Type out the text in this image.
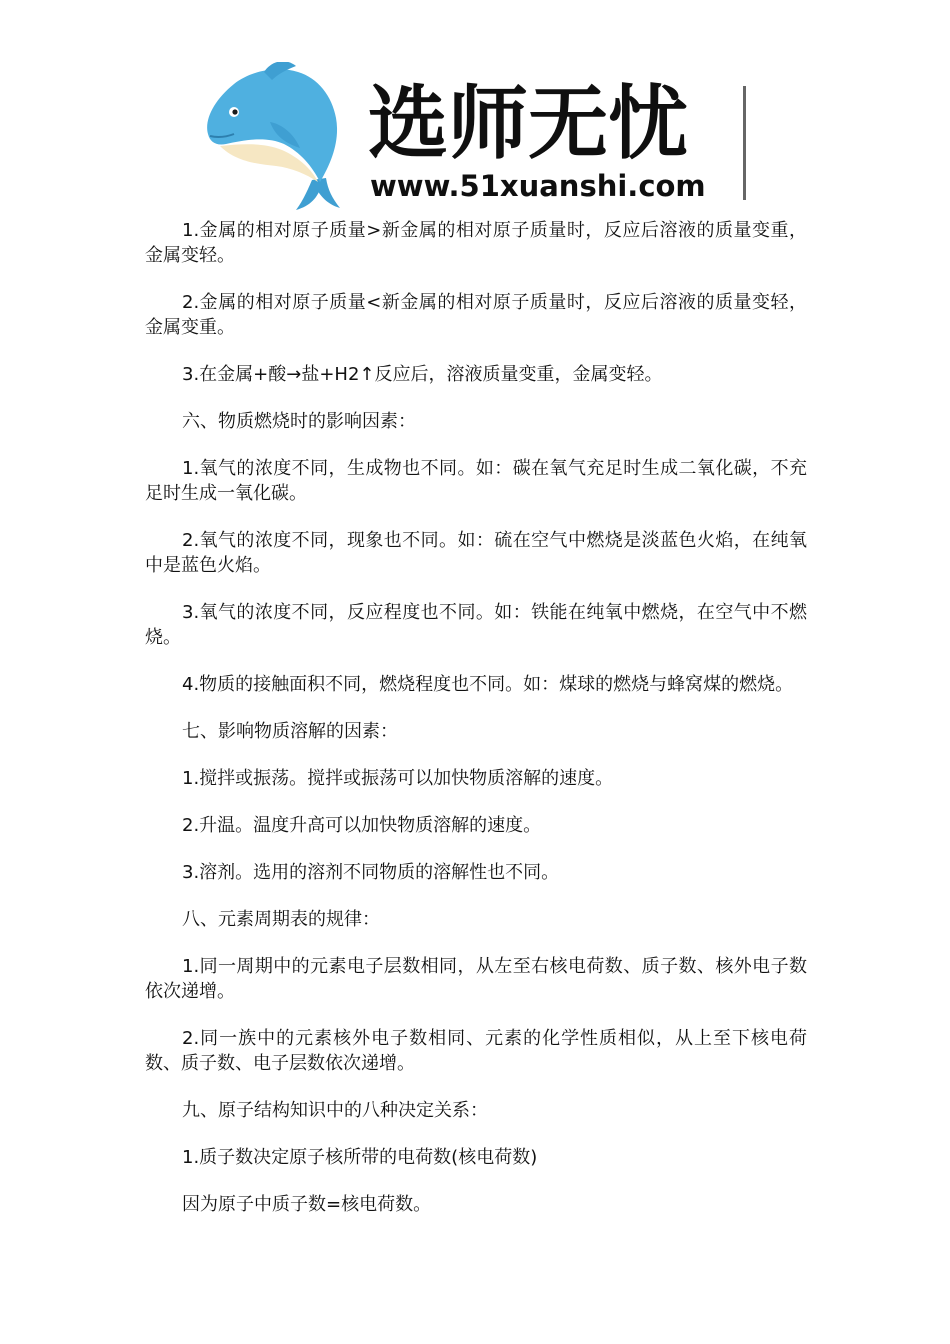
选师无忧
www.51xuanshi.com

1.金属的相对原子质量>新金属的相对原子质量时，反应后溶液的质量变重，金属变轻。

2.金属的相对原子质量<新金属的相对原子质量时，反应后溶液的质量变轻，金属变重。

3.在金属+酸→盐+H2↑反应后，溶液质量变重，金属变轻。

六、物质燃烧时的影响因素：

1.氧气的浓度不同，生成物也不同。如：碳在氧气充足时生成二氧化碳，不充足时生成一氧化碳。

2.氧气的浓度不同，现象也不同。如：硫在空气中燃烧是淡蓝色火焰，在纯氧中是蓝色火焰。

3.氧气的浓度不同，反应程度也不同。如：铁能在纯氧中燃烧，在空气中不燃烧。

4.物质的接触面积不同，燃烧程度也不同。如：煤球的燃烧与蜂窝煤的燃烧。

七、影响物质溶解的因素：

1.搅拌或振荡。搅拌或振荡可以加快物质溶解的速度。

2.升温。温度升高可以加快物质溶解的速度。

3.溶剂。选用的溶剂不同物质的溶解性也不同。

八、元素周期表的规律：

1.同一周期中的元素电子层数相同，从左至右核电荷数、质子数、核外电子数依次递增。

2.同一族中的元素核外电子数相同、元素的化学性质相似，从上至下核电荷数、质子数、电子层数依次递增。

九、原子结构知识中的八种决定关系：

1.质子数决定原子核所带的电荷数(核电荷数)

因为原子中质子数=核电荷数。
